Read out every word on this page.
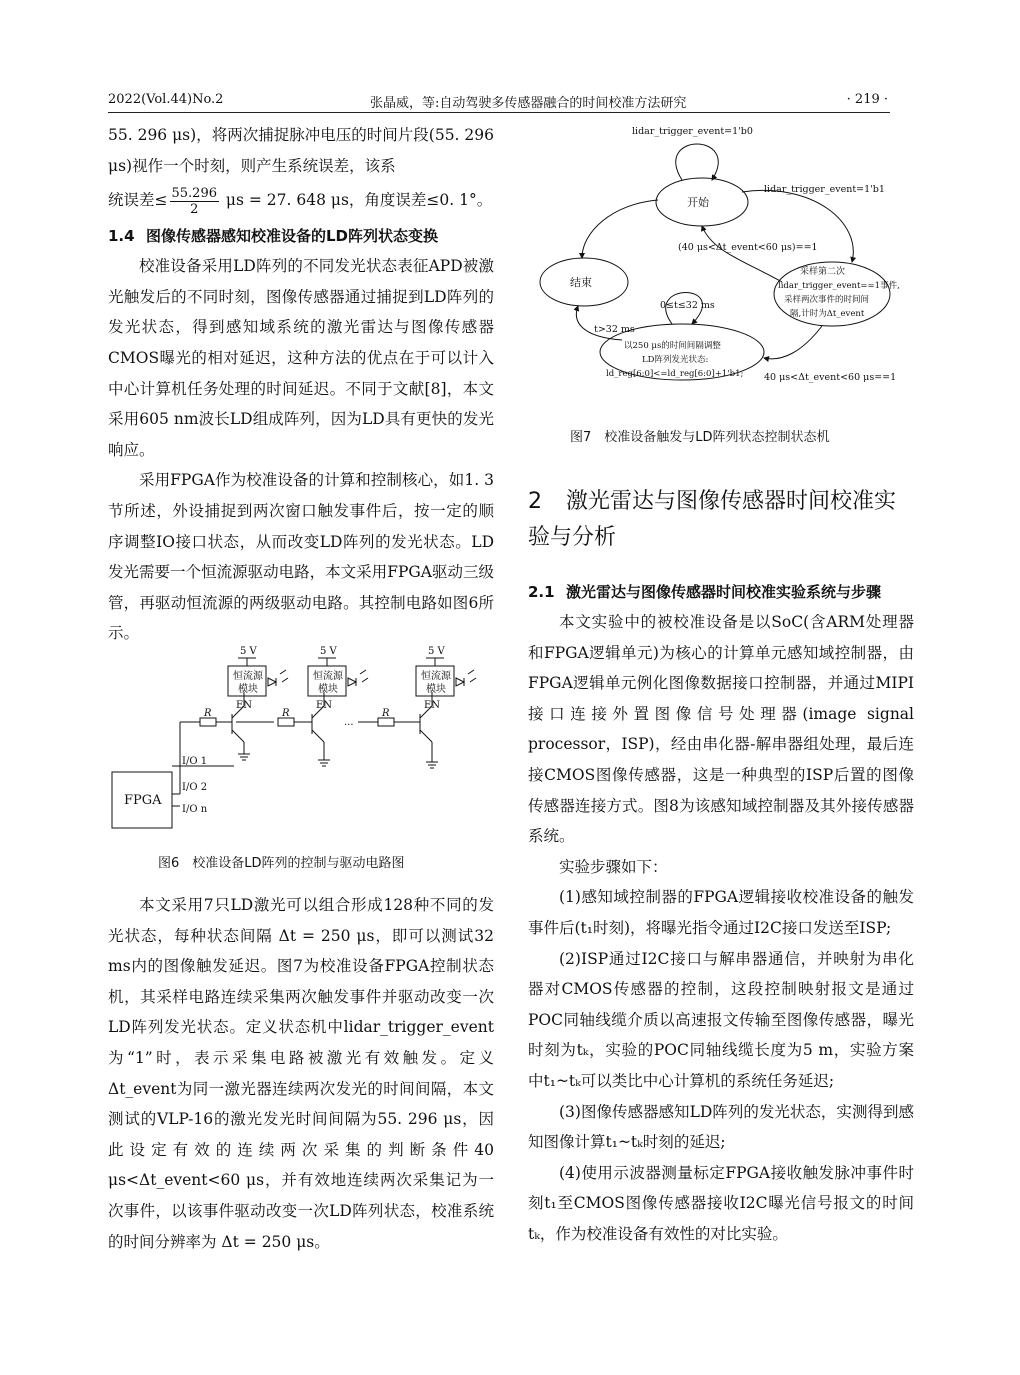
2022(Vol.44)No.2	张晶威，等:自动驾驶多传感器融合的时间校准方法研究	· 219 ·

55. 296 μs)，将两次捕捉脉冲电压的时间片段(55. 296 μs)视作一个时刻，则产生系统误差，该系

统误差≤ $\frac{55.296}{2}$ μs = 27. 648 μs，角度误差≤0. 1°。

1.4 图像传感器感知校准设备的LD阵列状态变换

校准设备采用LD阵列的不同发光状态表征APD被激光触发后的不同时刻，图像传感器通过捕捉到LD阵列的发光状态，得到感知域系统的激光雷达与图像传感器CMOS曝光的相对延迟，这种方法的优点在于可以计入中心计算机任务处理的时间延迟。不同于文献[8]，本文采用605 nm波长LD组成阵列，因为LD具有更快的发光响应。

采用FPGA作为校准设备的计算和控制核心，如1. 3节所述，外设捕捉到两次窗口触发事件后，按一定的顺序调整IO接口状态，从而改变LD阵列的发光状态。LD发光需要一个恒流源驱动电路，本文采用FPGA驱动三级管，再驱动恒流源的两级驱动电路。其控制电路如图6所示。

5 V	5 V	5 V
恒流源
模块
恒流源
模块
恒流源
模块
EN	EN	EN
R	R	R
···
I/O 1
I/O 2
I/O n
FPGA
图6　校准设备LD阵列的控制与驱动电路图

本文采用7只LD激光可以组合形成128种不同的发光状态，每种状态间隔 Δt = 250 μs，即可以测试32 ms内的图像触发延迟。图7为校准设备FPGA控制状态机，其采样电路连续采集两次触发事件并驱动改变一次LD阵列发光状态。定义状态机中lidar_trigger_event为“1”时，表示采集电路被激光有效触发。定义Δt_event为同一激光器连续两次发光的时间间隔，本文测试的VLP-16的激光发光时间间隔为55. 296 μs，因此设定有效的连续两次采集的判断条件40 μs<Δt_event<60 μs，并有效地连续两次采集记为一次事件，以该事件驱动改变一次LD阵列状态，校准系统的时间分辨率为 Δt = 250 μs。

lidar_trigger_event=1'b0
开始
lidar_trigger_event=1'b1
(40 μs<Δt_event<60 μs)==1
采样第二次
lidar_trigger_event==1事件,
采样两次事件的时间间
隔,计时为Δt_event
结束
0≤t≤32 ms
t>32 ms
以250 μs的时间间隔调整
LD阵列发光状态:
ld_reg[6:0]<=ld_reg[6:0]+1'b1; 40 μs<Δt_event<60 μs==1
图7　校准设备触发与LD阵列状态控制状态机
2 激光雷达与图像传感器时间校准实验与分析
2.1 激光雷达与图像传感器时间校准实验系统与步骤

本文实验中的被校准设备是以SoC(含ARM处理器和FPGA逻辑单元)为核心的计算单元感知域控制器，由FPGA逻辑单元例化图像数据接口控制器，并通过MIPI接口连接外置图像信号处理器(image signal processor，ISP)，经由串化器-解串器组处理，最后连接CMOS图像传感器，这是一种典型的ISP后置的图像传感器连接方式。图8为该感知域控制器及其外接传感器系统。

实验步骤如下：

(1)感知域控制器的FPGA逻辑接收校准设备的触发事件后(t₁时刻)，将曝光指令通过I2C接口发送至ISP;

(2)ISP通过I2C接口与解串器通信，并映射为串化器对CMOS传感器的控制，这段控制映射报文是通过POC同轴线缆介质以高速报文传输至图像传感器，曝光时刻为tₖ，实验的POC同轴线缆长度为5 m，实验方案中t₁~tₖ可以类比中心计算机的系统任务延迟;

(3)图像传感器感知LD阵列的发光状态，实测得到感知图像计算t₁~tₖ时刻的延迟;

(4)使用示波器测量标定FPGA接收触发脉冲事件时刻t₁至CMOS图像传感器接收I2C曝光信号报文的时间tₖ，作为校准设备有效性的对比实验。
